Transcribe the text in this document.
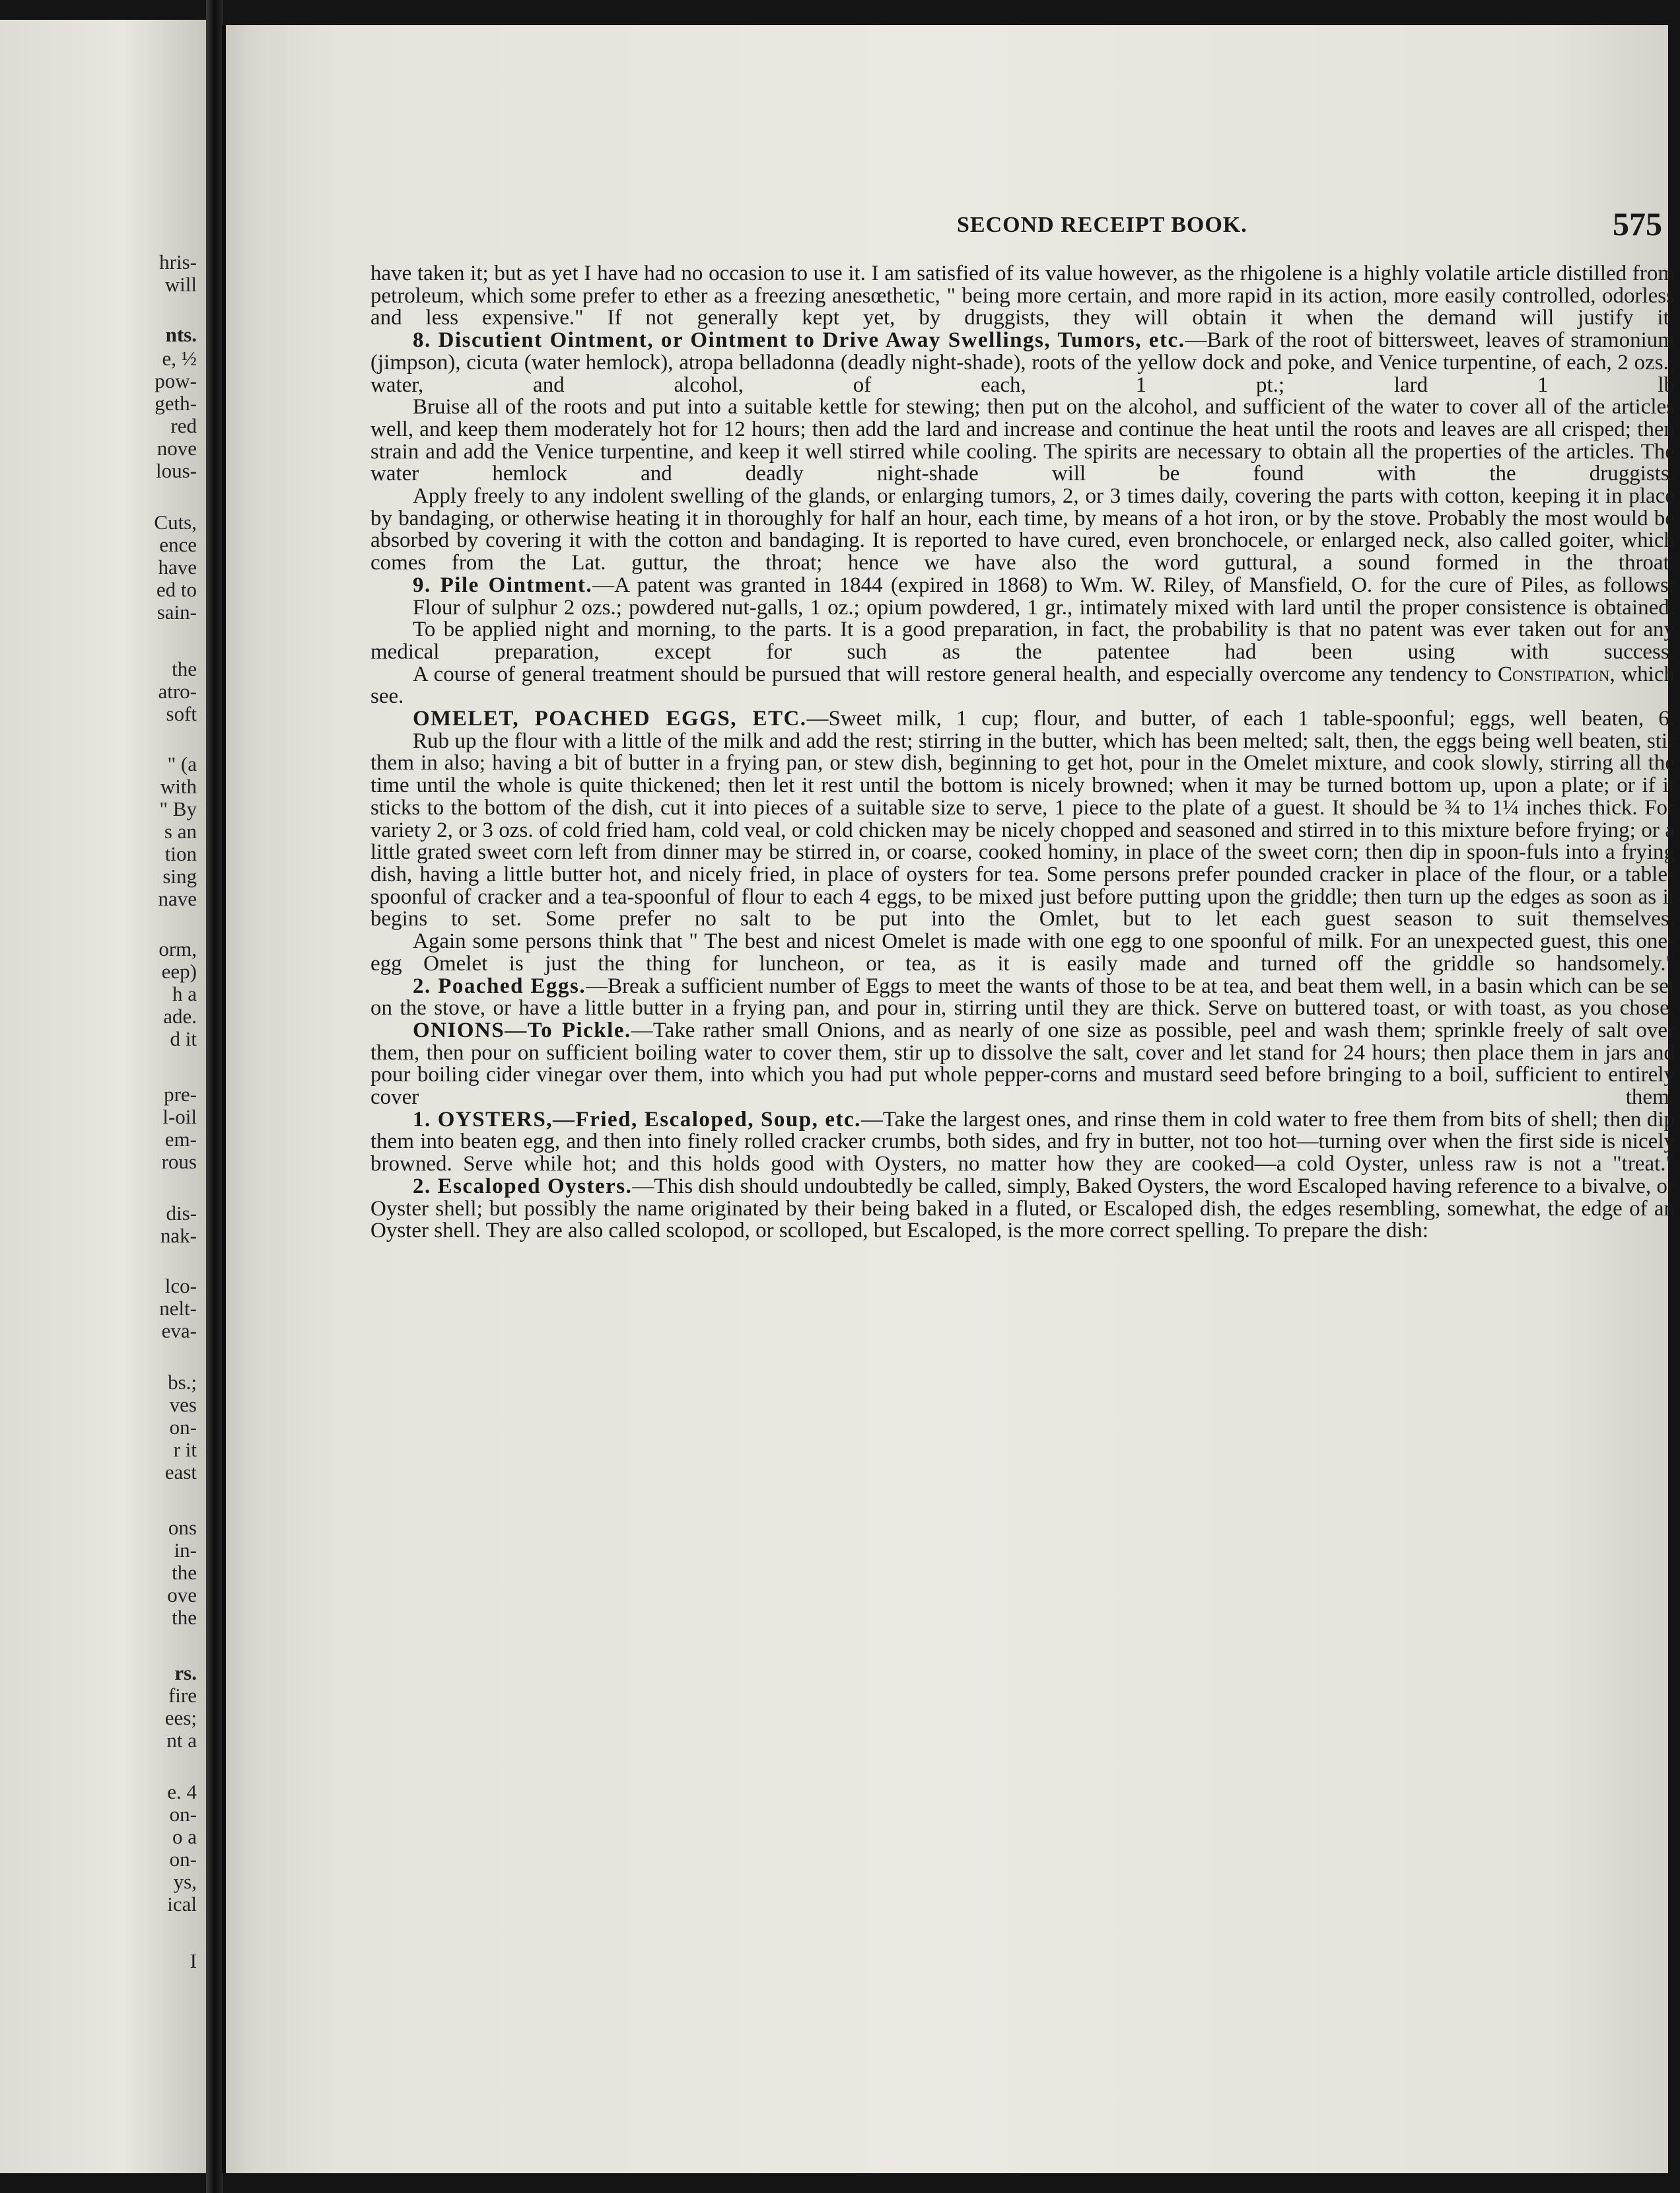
hris-
will
nts.
e, ½
pow-
geth-
red
nove
lous-
Cuts,
ence
have
ed to
sain-
the
atro-
soft
" (a
with
" By
s an
tion
sing
nave
orm,
eep)
h a
ade.
d it
pre-
l-oil
em-
rous
dis-
nak-
lco-
nelt-
eva-
bs.;
ves
on-
r it
east
ons
in-
the
ove
the
rs.
fire
ees;
nt a
e. 4
on-
o a
on-
ys,
ical
I
SECOND RECEIPT BOOK.	575

have taken it; but as yet I have had no occasion to use it. I am satisfied of its value however, as the rhigolene is a highly volatile article distilled from petroleum, which some prefer to ether as a freezing anesœthetic, " being more certain, and more rapid in its action, more easily controlled, odorless and less expensive." If not generally kept yet, by druggists, they will obtain it when the demand will justify it.

8. Discutient Ointment, or Ointment to Drive Away Swellings, Tumors, etc.—Bark of the root of bittersweet, leaves of stramonium (jimpson), cicuta (water hemlock), atropa belladonna (deadly night-shade), roots of the yellow dock and poke, and Venice turpentine, of each, 2 ozs.; water, and alcohol, of each, 1 pt.; lard 1 lb

Bruise all of the roots and put into a suitable kettle for stewing; then put on the alcohol, and sufficient of the water to cover all of the articles well, and keep them moderately hot for 12 hours; then add the lard and increase and continue the heat until the roots and leaves are all crisped; then strain and add the Venice turpentine, and keep it well stirred while cooling. The spirits are necessary to obtain all the properties of the articles. The water hemlock and deadly night-shade will be found with the druggists.

Apply freely to any indolent swelling of the glands, or enlarging tumors, 2, or 3 times daily, covering the parts with cotton, keeping it in place by bandaging, or otherwise heating it in thoroughly for half an hour, each time, by means of a hot iron, or by the stove. Probably the most would be absorbed by covering it with the cotton and bandaging. It is reported to have cured, even bronchocele, or enlarged neck, also called goiter, which comes from the Lat. guttur, the throat; hence we have also the word guttural, a sound formed in the throat.

9. Pile Ointment.—A patent was granted in 1844 (expired in 1868) to Wm. W. Riley, of Mansfield, O. for the cure of Piles, as follows:

Flour of sulphur 2 ozs.; powdered nut-galls, 1 oz.; opium powdered, 1 gr., intimately mixed with lard until the proper consistence is obtained.

To be applied night and morning, to the parts. It is a good preparation, in fact, the probability is that no patent was ever taken out for any medical preparation, except for such as the patentee had been using with success.

A course of general treatment should be pursued that will restore general health, and especially overcome any tendency to Constipation, which see.

OMELET, POACHED EGGS, ETC.—Sweet milk, 1 cup; flour, and butter, of each 1 table-spoonful; eggs, well beaten, 6.

Rub up the flour with a little of the milk and add the rest; stirring in the butter, which has been melted; salt, then, the eggs being well beaten, stir them in also; having a bit of butter in a frying pan, or stew dish, beginning to get hot, pour in the Omelet mixture, and cook slowly, stirring all the time until the whole is quite thickened; then let it rest until the bottom is nicely browned; when it may be turned bottom up, upon a plate; or if it sticks to the bottom of the dish, cut it into pieces of a suitable size to serve, 1 piece to the plate of a guest. It should be ¾ to 1¼ inches thick. For variety 2, or 3 ozs. of cold fried ham, cold veal, or cold chicken may be nicely chopped and seasoned and stirred in to this mixture before frying; or a little grated sweet corn left from dinner may be stirred in, or coarse, cooked hominy, in place of the sweet corn; then dip in spoon-fuls into a frying dish, having a little butter hot, and nicely fried, in place of oysters for tea. Some persons prefer pounded cracker in place of the flour, or a table-spoonful of cracker and a tea-spoonful of flour to each 4 eggs, to be mixed just before putting upon the griddle; then turn up the edges as soon as it begins to set. Some prefer no salt to be put into the Omlet, but to let each guest season to suit themselves.

Again some persons think that " The best and nicest Omelet is made with one egg to one spoonful of milk. For an unexpected guest, this one-egg Omelet is just the thing for luncheon, or tea, as it is easily made and turned off the griddle so handsomely."

2. Poached Eggs.—Break a sufficient number of Eggs to meet the wants of those to be at tea, and beat them well, in a basin which can be set on the stove, or have a little butter in a frying pan, and pour in, stirring until they are thick. Serve on buttered toast, or with toast, as you chose.

ONIONS—To Pickle.—Take rather small Onions, and as nearly of one size as possible, peel and wash them; sprinkle freely of salt over them, then pour on sufficient boiling water to cover them, stir up to dissolve the salt, cover and let stand for 24 hours; then place them in jars and pour boiling cider vinegar over them, into which you had put whole pepper-corns and mustard seed before bringing to a boil, sufficient to entirely cover them.

1. OYSTERS,—Fried, Escaloped, Soup, etc.—Take the largest ones, and rinse them in cold water to free them from bits of shell; then dip them into beaten egg, and then into finely rolled cracker crumbs, both sides, and fry in butter, not too hot—turning over when the first side is nicely browned. Serve while hot; and this holds good with Oysters, no matter how they are cooked—a cold Oyster, unless raw is not a "treat."

2. Escaloped Oysters.—This dish should undoubtedly be called, simply, Baked Oysters, the word Escaloped having reference to a bivalve, or Oyster shell; but possibly the name originated by their being baked in a fluted, or Escaloped dish, the edges resembling, somewhat, the edge of an Oyster shell. They are also called scolopod, or scolloped, but Escaloped, is the more correct spelling. To prepare the dish:
